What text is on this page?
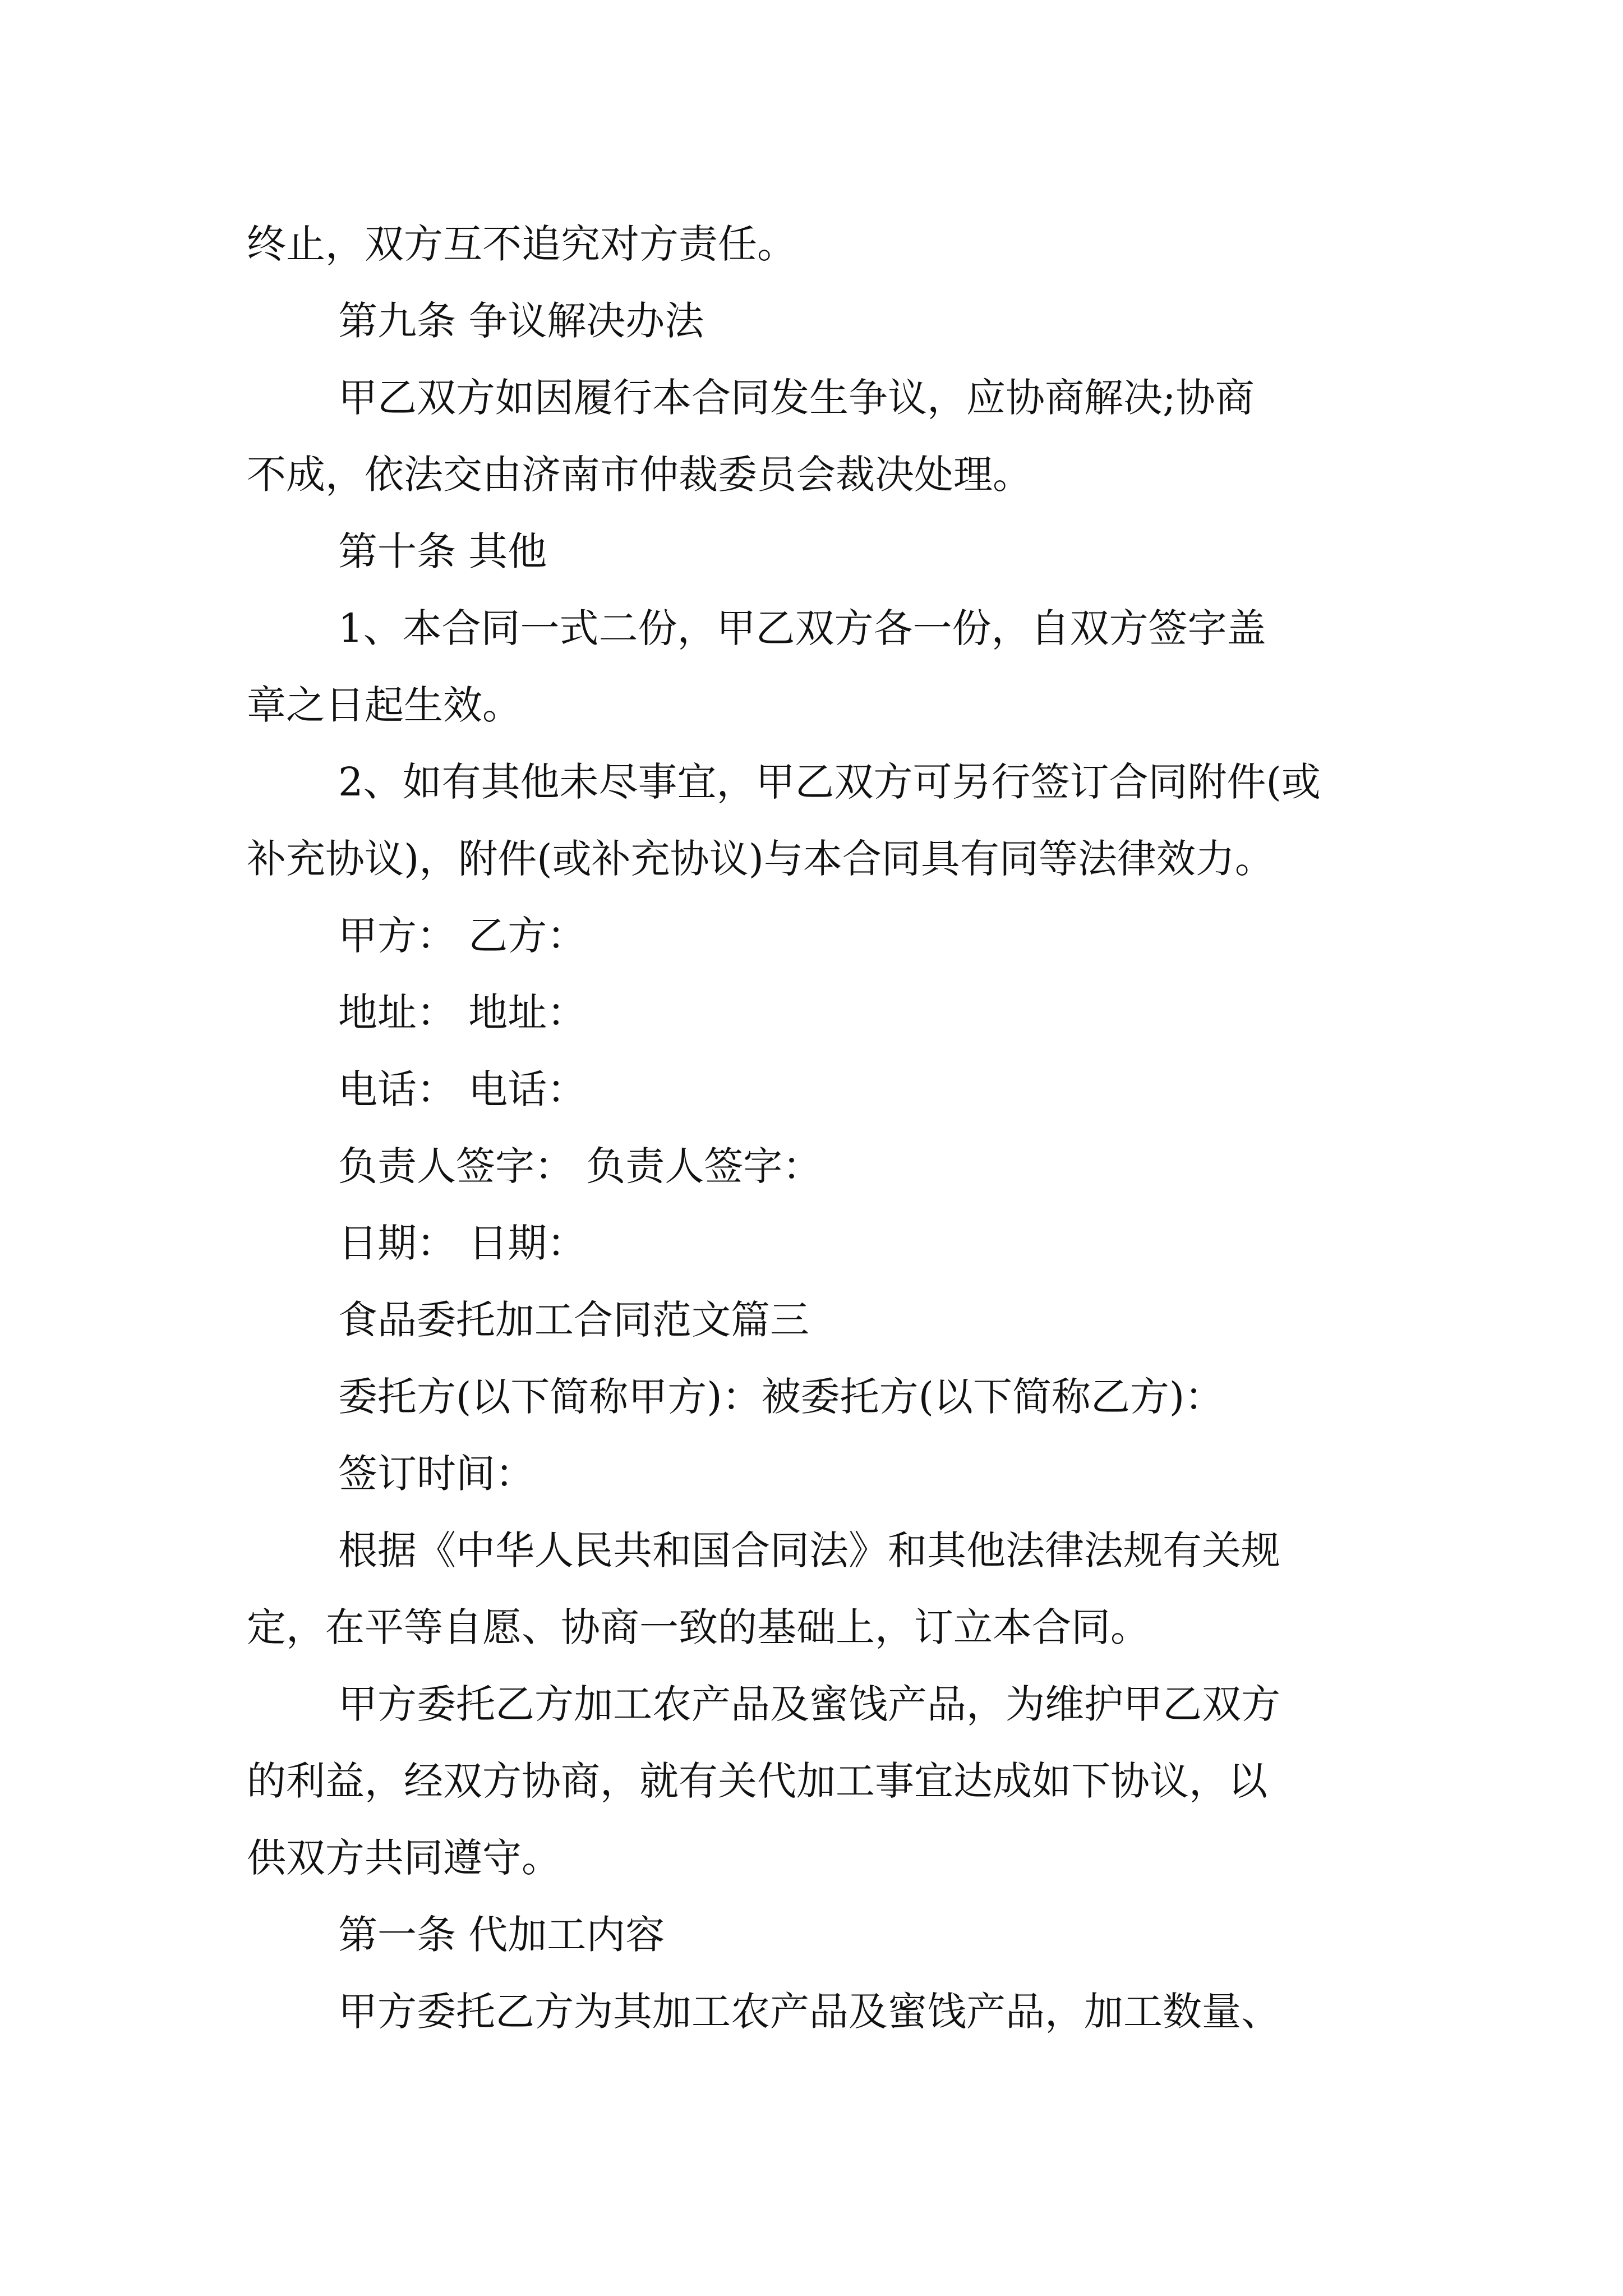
终止，双方互不追究对方责任。
第九条 争议解决办法
甲乙双方如因履行本合同发生争议，应协商解决;协商
不成，依法交由济南市仲裁委员会裁决处理。
第十条 其他
1、本合同一式二份，甲乙双方各一份，自双方签字盖
章之日起生效。
2、如有其他未尽事宜，甲乙双方可另行签订合同附件(或
补充协议)，附件(或补充协议)与本合同具有同等法律效力。
甲方： 乙方：
地址： 地址：
电话： 电话：
负责人签字： 负责人签字：
日期： 日期：
食品委托加工合同范文篇三
委托方(以下简称甲方)：被委托方(以下简称乙方)：
签订时间：
根据《中华人民共和国合同法》和其他法律法规有关规
定，在平等自愿、协商一致的基础上，订立本合同。
甲方委托乙方加工农产品及蜜饯产品，为维护甲乙双方
的利益，经双方协商，就有关代加工事宜达成如下协议，以
供双方共同遵守。
第一条 代加工内容
甲方委托乙方为其加工农产品及蜜饯产品，加工数量、
